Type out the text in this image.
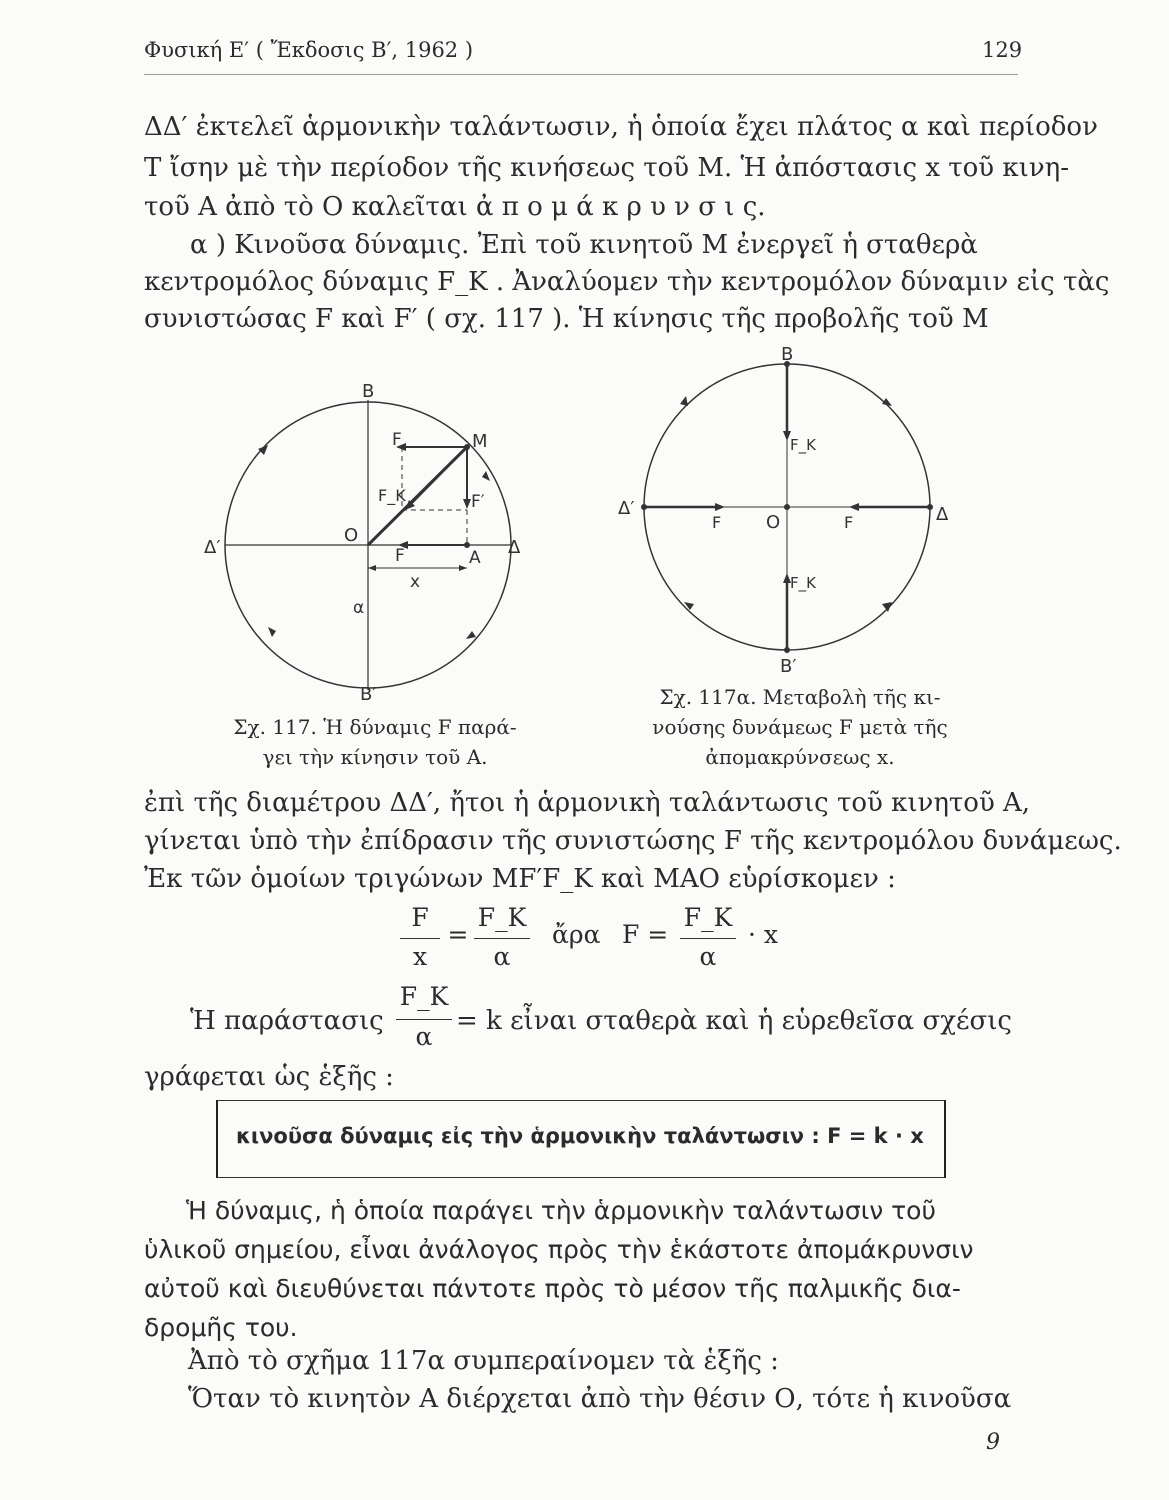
Φυσική Ε′ ( Ἔκδοσις Β′, 1962 )	129
ΔΔ′ ἐκτελεῖ ἁρμονικὴν ταλάντωσιν, ἡ ὁποία ἔχει πλάτος α καὶ περίοδον
Τ ἴσην μὲ τὴν περίοδον τῆς κινήσεως τοῦ Μ. Ἡ ἀπόστασις x τοῦ κινη-
τοῦ Α ἀπὸ τὸ Ο καλεῖται ἀ π ο μ ά κ ρ υ ν σ ι ς.
α ) Κινοῦσα δύναμις. Ἐπὶ τοῦ κινητοῦ Μ ἐνεργεῖ ἡ σταθερὰ
κεντρομόλος δύναμις F_K . Ἀναλύομεν τὴν κεντρομόλον δύναμιν εἰς τὰς
συνιστώσας F καὶ F′ ( σχ. 117 ). Ἡ κίνησις τῆς προβολῆς τοῦ Μ
B
B′
Δ′	Δ
O
M
A
F
F
F′
F_K
x
α
Σχ. 117. Ἡ δύναμις F παρά-
γει τὴν κίνησιν τοῦ Α.
B
B′
Δ′	Δ
O
F	F
F_K
F_K
Σχ. 117α. Μεταβολὴ τῆς κι-
νούσης δυνάμεως F μετὰ τῆς
ἀπομακρύνσεως x.
ἐπὶ τῆς διαμέτρου ΔΔ′, ἤτοι ἡ ἁρμονικὴ ταλάντωσις τοῦ κινητοῦ Α,
γίνεται ὑπὸ τὴν ἐπίδρασιν τῆς συνιστώσης F τῆς κεντρομόλου δυνάμεως.
Ἐκ τῶν ὁμοίων τριγώνων MF′F_K καὶ ΜΑΟ εὑρίσκομεν :
F
x
=
F_K
α
ἄρα F =
F_K
α
· x
Ἡ παράστασις
F_K
α
= k εἶναι σταθερὰ καὶ ἡ εὑρεθεῖσα σχέσις
γράφεται ὡς ἑξῆς :
κινοῦσα δύναμις εἰς τὴν ἁρμονικὴν ταλάντωσιν : F = k · x
Ἡ δύναμις, ἡ ὁποία παράγει τὴν ἁρμονικὴν ταλάντωσιν τοῦ
ὑλικοῦ σημείου, εἶναι ἀνάλογος πρὸς τὴν ἑκάστοτε ἀπομάκρυνσιν
αὐτοῦ καὶ διευθύνεται πάντοτε πρὸς τὸ μέσον τῆς παλμικῆς δια-
δρομῆς του.
Ἀπὸ τὸ σχῆμα 117α συμπεραίνομεν τὰ ἑξῆς :
Ὅταν τὸ κινητὸν Α διέρχεται ἀπὸ τὴν θέσιν Ο, τότε ἡ κινοῦσα
9
